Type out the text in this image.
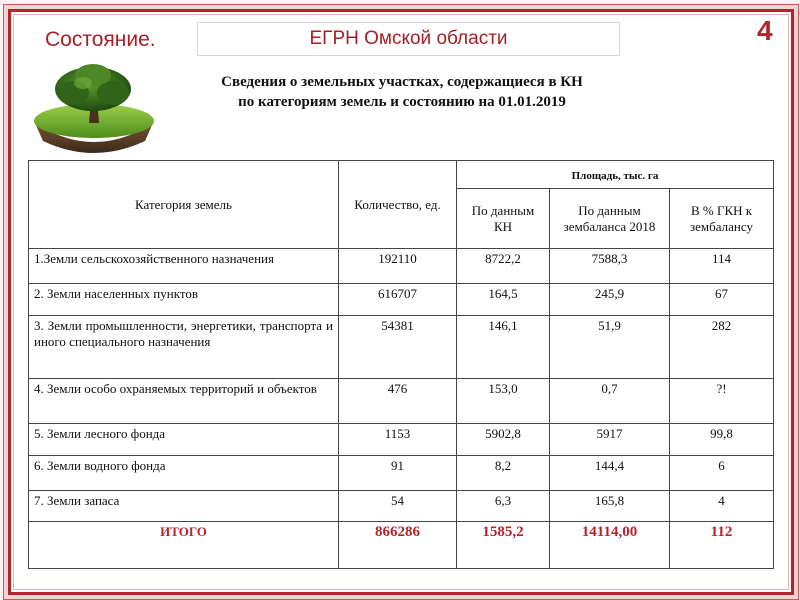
Состояние.	ЕГРН Омской области	4
Сведения о земельных участках, содержащиеся в КН
по категориям земель и состоянию на 01.01.2019
Категория земель	Количество, ед.	Площадь, тыс. га		
		По данным КН	По данным зембаланса 2018	В % ГКН к зембалансу
1.Земли сельскохозяйственного назначения	192110	8722,2	7588,3	114
2. Земли населенных пунктов	616707	164,5	245,9	67
3. Земли промышленности, энергетики, транспорта и иного специального назначения	54381	146,1	51,9	282
4. Земли особо охраняемых территорий и объектов	476	153,0	0,7	?!
5. Земли лесного фонда	1153	5902,8	5917	99,8
6. Земли водного фонда	91	8,2	144,4	6
7. Земли запаса	54	6,3	165,8	4
ИТОГО	866286	1585,2	14114,00	112
